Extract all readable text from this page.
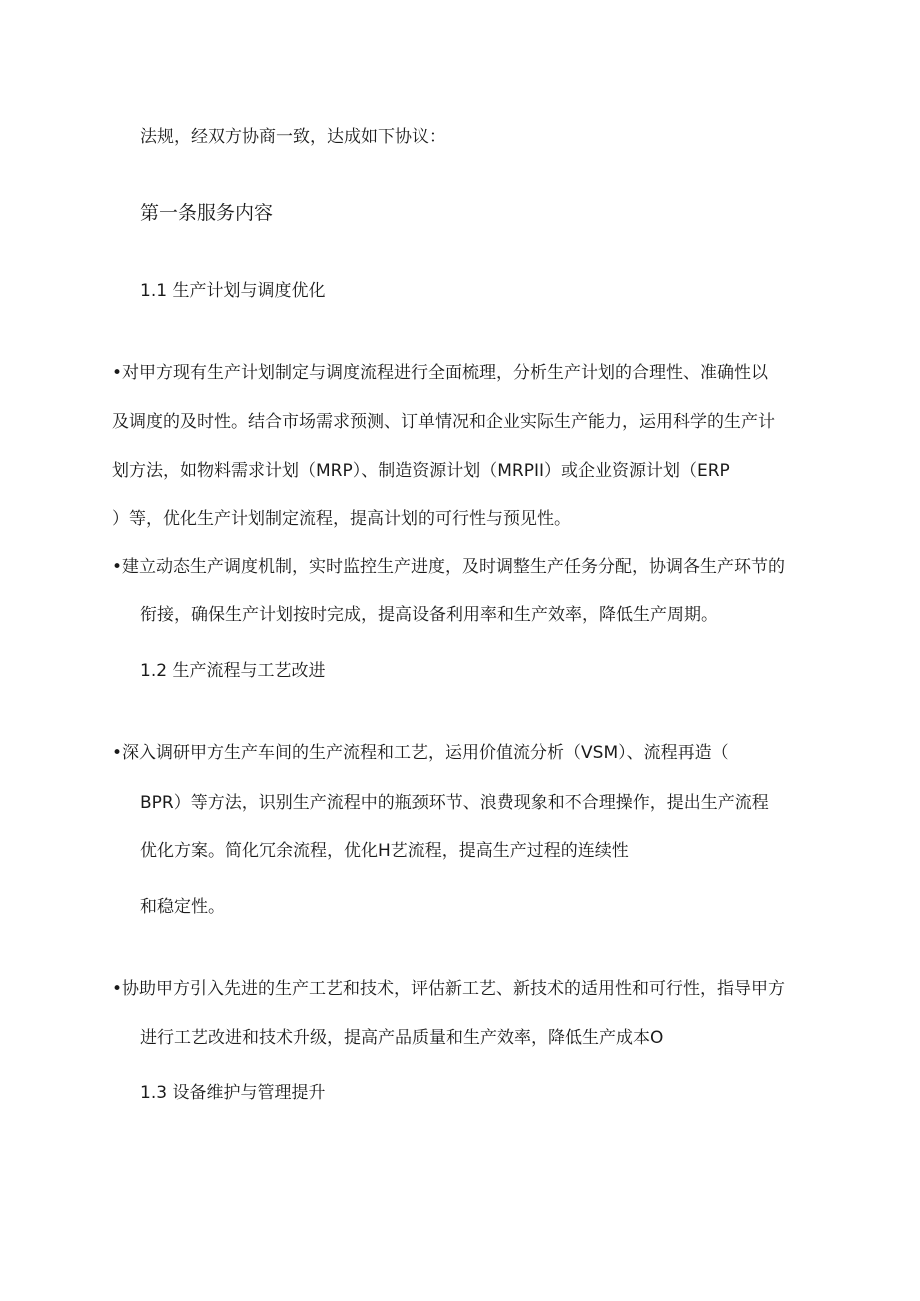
法规，经双方协商一致，达成如下协议：
第一条服务内容
1.1 生产计划与调度优化
•对甲方现有生产计划制定与调度流程进行全面梳理，分析生产计划的合理性、准确性以
及调度的及时性。结合市场需求预测、订单情况和企业实际生产能力，运用科学的生产计
划方法，如物料需求计划（MRP）、制造资源计划（MRPII）或企业资源计划（ERP
）等，优化生产计划制定流程，提高计划的可行性与预见性。
•建立动态生产调度机制，实时监控生产进度，及时调整生产任务分配，协调各生产环节的
衔接，确保生产计划按时完成，提高设备利用率和生产效率，降低生产周期。
1.2 生产流程与工艺改进
•深入调研甲方生产车间的生产流程和工艺，运用价值流分析（VSM）、流程再造（
BPR）等方法，识别生产流程中的瓶颈环节、浪费现象和不合理操作，提出生产流程
优化方案。简化冗余流程，优化H艺流程，提高生产过程的连续性
和稳定性。
•协助甲方引入先进的生产工艺和技术，评估新工艺、新技术的适用性和可行性，指导甲方
进行工艺改进和技术升级，提高产品质量和生产效率，降低生产成本O
1.3 设备维护与管理提升
